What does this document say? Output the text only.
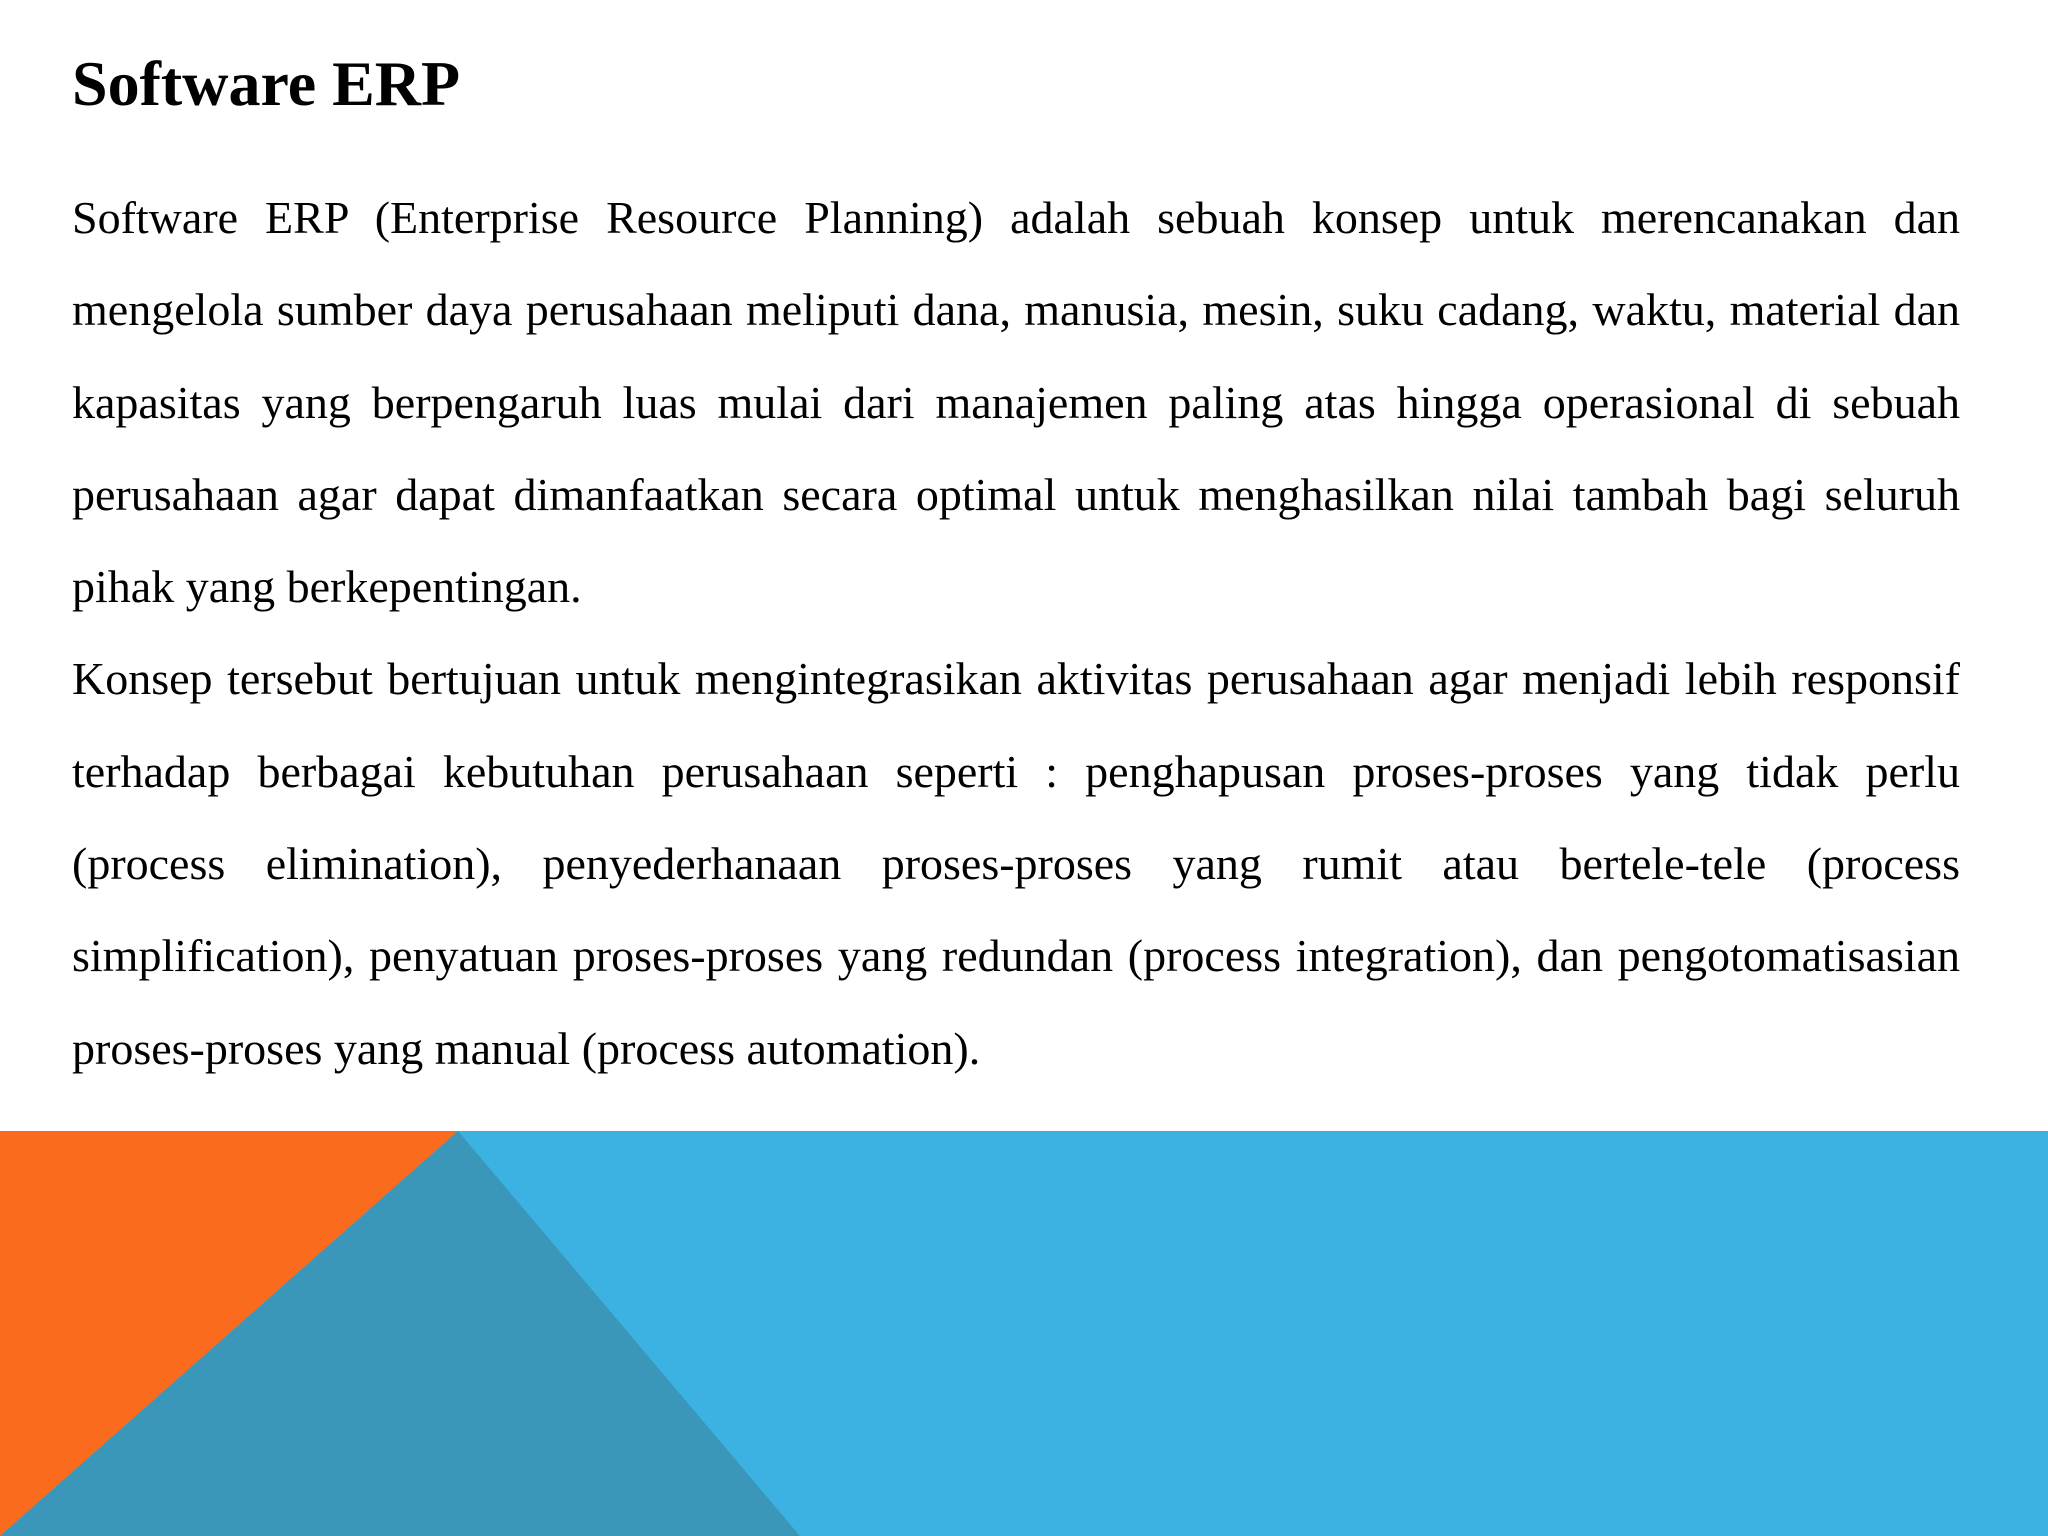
Software ERP

Software ERP (Enterprise Resource Planning) adalah sebuah konsep untuk merencanakan dan mengelola sumber daya perusahaan meliputi dana, manusia, mesin, suku cadang, waktu, material dan kapasitas yang berpengaruh luas mulai dari manajemen paling atas hingga operasional di sebuah perusahaan agar dapat dimanfaatkan secara optimal untuk menghasilkan nilai tambah bagi seluruh pihak yang berkepentingan.

Konsep tersebut bertujuan untuk mengintegrasikan aktivitas perusahaan agar menjadi lebih responsif terhadap berbagai kebutuhan perusahaan seperti : penghapusan proses-proses yang tidak perlu (process elimination), penyederhanaan proses-proses yang rumit atau bertele-tele (process simplification), penyatuan proses-proses yang redundan (process integration), dan pengotomatisasian proses-proses yang manual (process automation).
